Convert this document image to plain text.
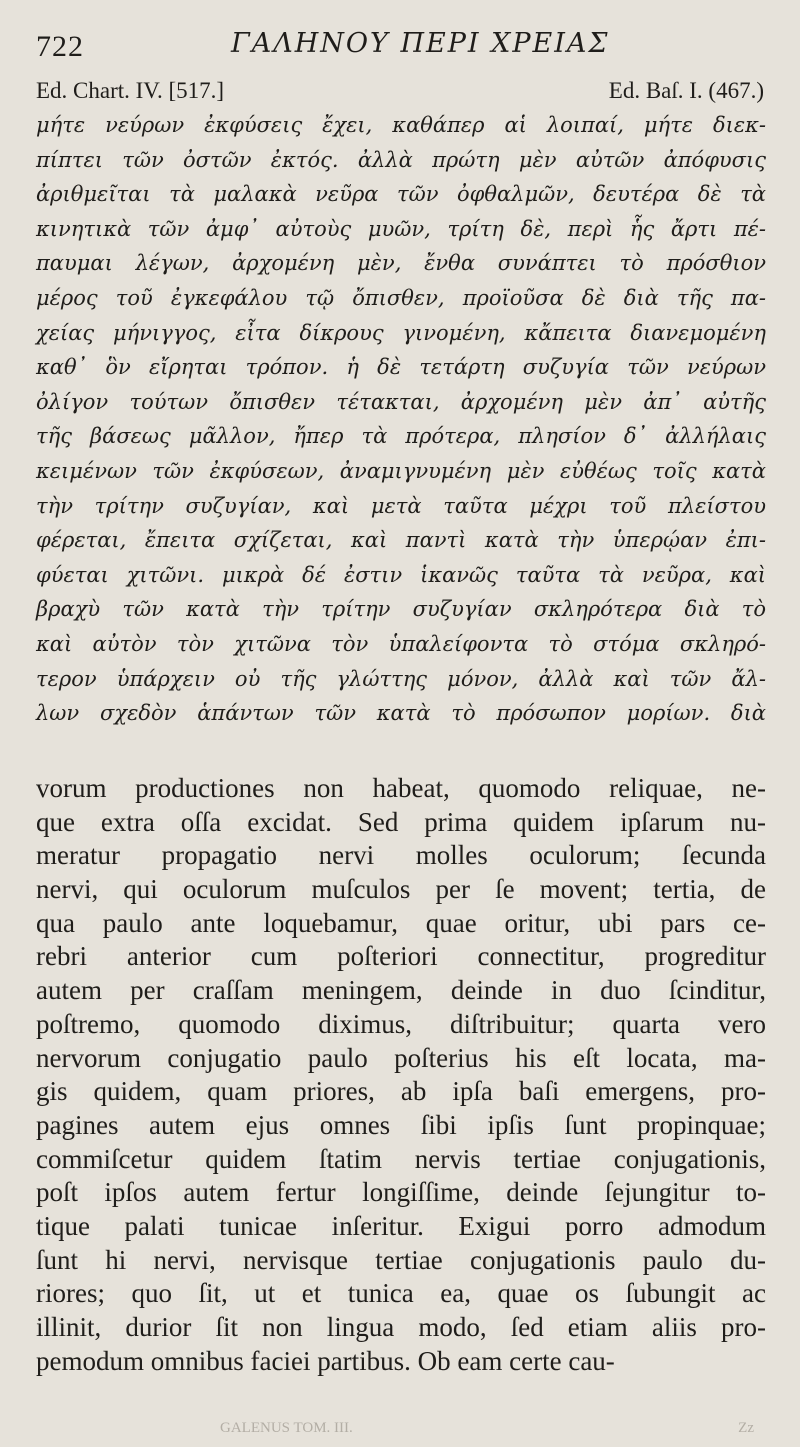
722	ΓΑΛΗΝΟΥ ΠΕΡΙ ΧΡΕΙΑΣ
Ed. Chart. IV. [517.]	Ed. Baſ. I. (467.)
μήτε νεύρων ἐκφύσεις ἔχει, καθάπερ αἱ λοιπαί, μήτε διεκ-
πίπτει τῶν ὀστῶν ἐκτός. ἀλλὰ πρώτη μὲν αὐτῶν ἀπόφυσις
ἀριθμεῖται τὰ μαλακὰ νεῦρα τῶν ὀφθαλμῶν, δευτέρα δὲ τὰ
κινητικὰ τῶν ἀμφ᾽ αὐτοὺς μυῶν, τρίτη δὲ, περὶ ἧς ἄρτι πέ-
παυμαι λέγων, ἀρχομένη μὲν, ἔνθα συνάπτει τὸ πρόσθιον
μέρος τοῦ ἐγκεφάλου τῷ ὄπισθεν, προϊοῦσα δὲ διὰ τῆς πα-
χείας μήνιγγος, εἶτα δίκρους γινομένη, κἄπειτα διανεμομένη
καθ᾽ ὃν εἴρηται τρόπον. ἡ δὲ τετάρτη συζυγία τῶν νεύρων
ὀλίγον τούτων ὄπισθεν τέτακται, ἀρχομένη μὲν ἀπ᾽ αὐτῆς
τῆς βάσεως μᾶλλον, ἤπερ τὰ πρότερα, πλησίον δ᾽ ἀλλήλαις
κειμένων τῶν ἐκφύσεων, ἀναμιγνυμένη μὲν εὐθέως τοῖς κατὰ
τὴν τρίτην συζυγίαν, καὶ μετὰ ταῦτα μέχρι τοῦ πλείστου
φέρεται, ἔπειτα σχίζεται, καὶ παντὶ κατὰ τὴν ὑπερῴαν ἐπι-
φύεται χιτῶνι. μικρὰ δέ ἐστιν ἱκανῶς ταῦτα τὰ νεῦρα, καὶ
βραχὺ τῶν κατὰ τὴν τρίτην συζυγίαν σκληρότερα διὰ τὸ
καὶ αὐτὸν τὸν χιτῶνα τὸν ὑπαλείφοντα τὸ στόμα σκληρό-
τερον ὑπάρχειν οὐ τῆς γλώττης μόνον, ἀλλὰ καὶ τῶν ἄλ-
λων σχεδὸν ἁπάντων τῶν κατὰ τὸ πρόσωπον μορίων. διὰ
vorum productiones non habeat, quomodo reliquae, ne-
que extra oſſa excidat. Sed prima quidem ipſarum nu-
meratur propagatio nervi molles oculorum; ſecunda
nervi, qui oculorum muſculos per ſe movent; tertia, de
qua paulo ante loquebamur, quae oritur, ubi pars ce-
rebri anterior cum poſteriori connectitur, progreditur
autem per craſſam meningem, deinde in duo ſcinditur,
poſtremo, quomodo diximus, diſtribuitur; quarta vero
nervorum conjugatio paulo poſterius his eſt locata, ma-
gis quidem, quam priores, ab ipſa baſi emergens, pro-
pagines autem ejus omnes ſibi ipſis ſunt propinquae;
commiſcetur quidem ſtatim nervis tertiae conjugationis,
poſt ipſos autem fertur longiſſime, deinde ſejungitur to-
tique palati tunicae inſeritur. Exigui porro admodum
ſunt hi nervi, nervisque tertiae conjugationis paulo du-
riores; quo ſit, ut et tunica ea, quae os ſubungit ac
illinit, durior ſit non lingua modo, ſed etiam aliis pro-
pemodum omnibus faciei partibus. Ob eam certe cau-
GALENUS TOM. III.	Zz
